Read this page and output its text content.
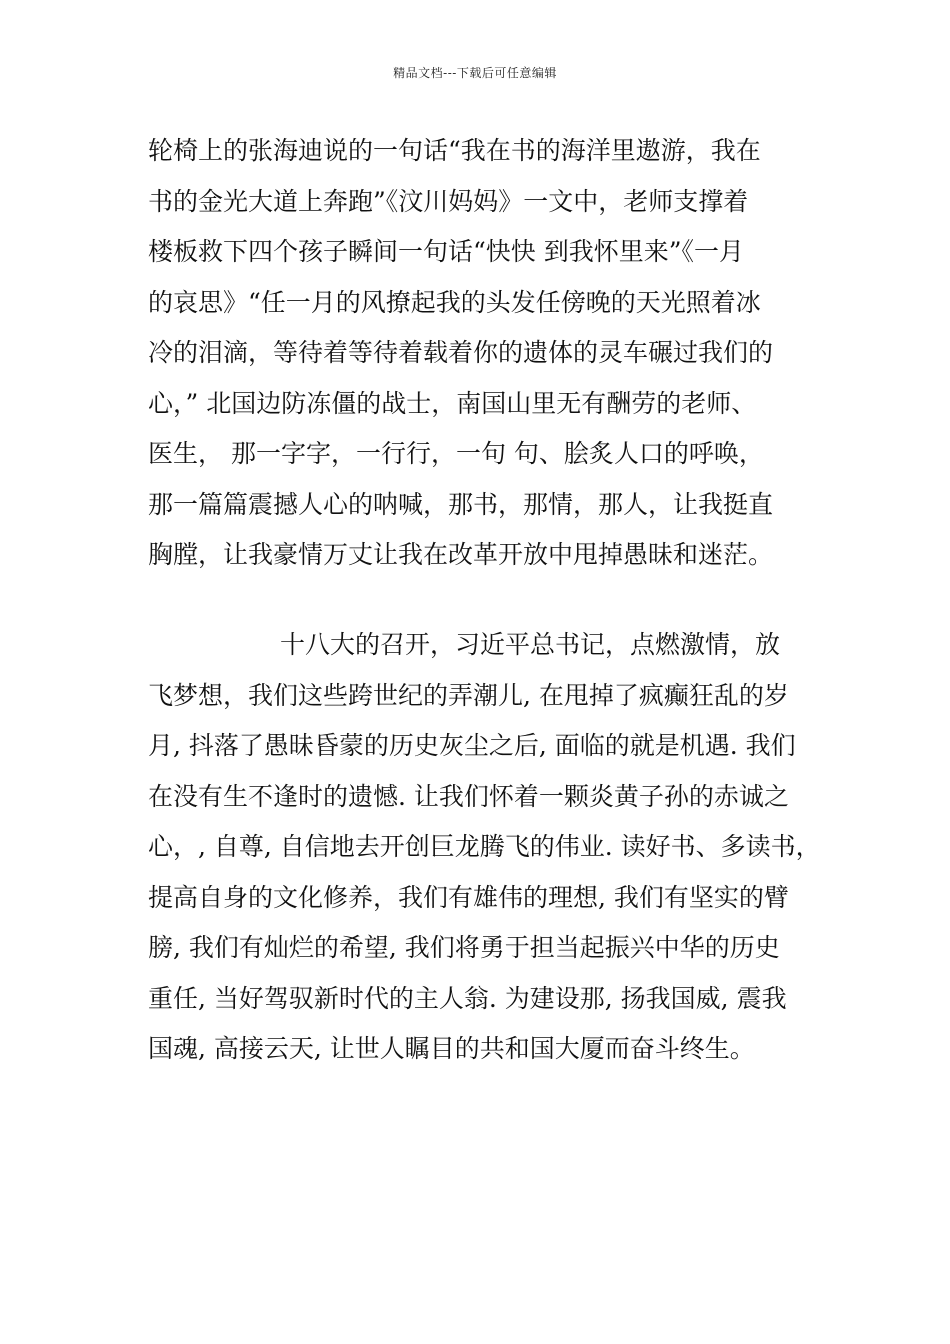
精品文档---下载后可任意编辑
轮椅上的张海迪说的一句话“我在书的海洋里遨游，我在
书的金光大道上奔跑”《汶川妈妈》一文中，老师支撑着
楼板救下四个孩子瞬间一句话“快快 到我怀里来”《一月
的哀思》“任一月的风撩起我的头发任傍晚的天光照着冰
冷的泪滴，等待着等待着载着你的遗体的灵车碾过我们的
心，” 北国边防冻僵的战士，南国山里无有酬劳的老师、
医生， 那一字字，一行行，一句 句、脍炙人口的呼唤，
那一篇篇震撼人心的呐喊，那书，那情，那人，让我挺直
胸膛，让我豪情万丈让我在改革开放中甩掉愚昧和迷茫。
十八大的召开，习近平总书记，点燃激情，放
飞梦想，我们这些跨世纪的弄潮儿, 在甩掉了疯癫狂乱的岁
月, 抖落了愚昧昏蒙的历史灰尘之后, 面临的就是机遇. 我们
在没有生不逢时的遗憾. 让我们怀着一颗炎黄子孙的赤诚之
心，, 自尊, 自信地去开创巨龙腾飞的伟业. 读好书、多读书，
提高自身的文化修养，我们有雄伟的理想, 我们有坚实的臂
膀, 我们有灿烂的希望, 我们将勇于担当起振兴中华的历史
重任, 当好驾驭新时代的主人翁. 为建设那, 扬我国威, 震我
国魂, 高接云天, 让世人瞩目的共和国大厦而奋斗终生。
